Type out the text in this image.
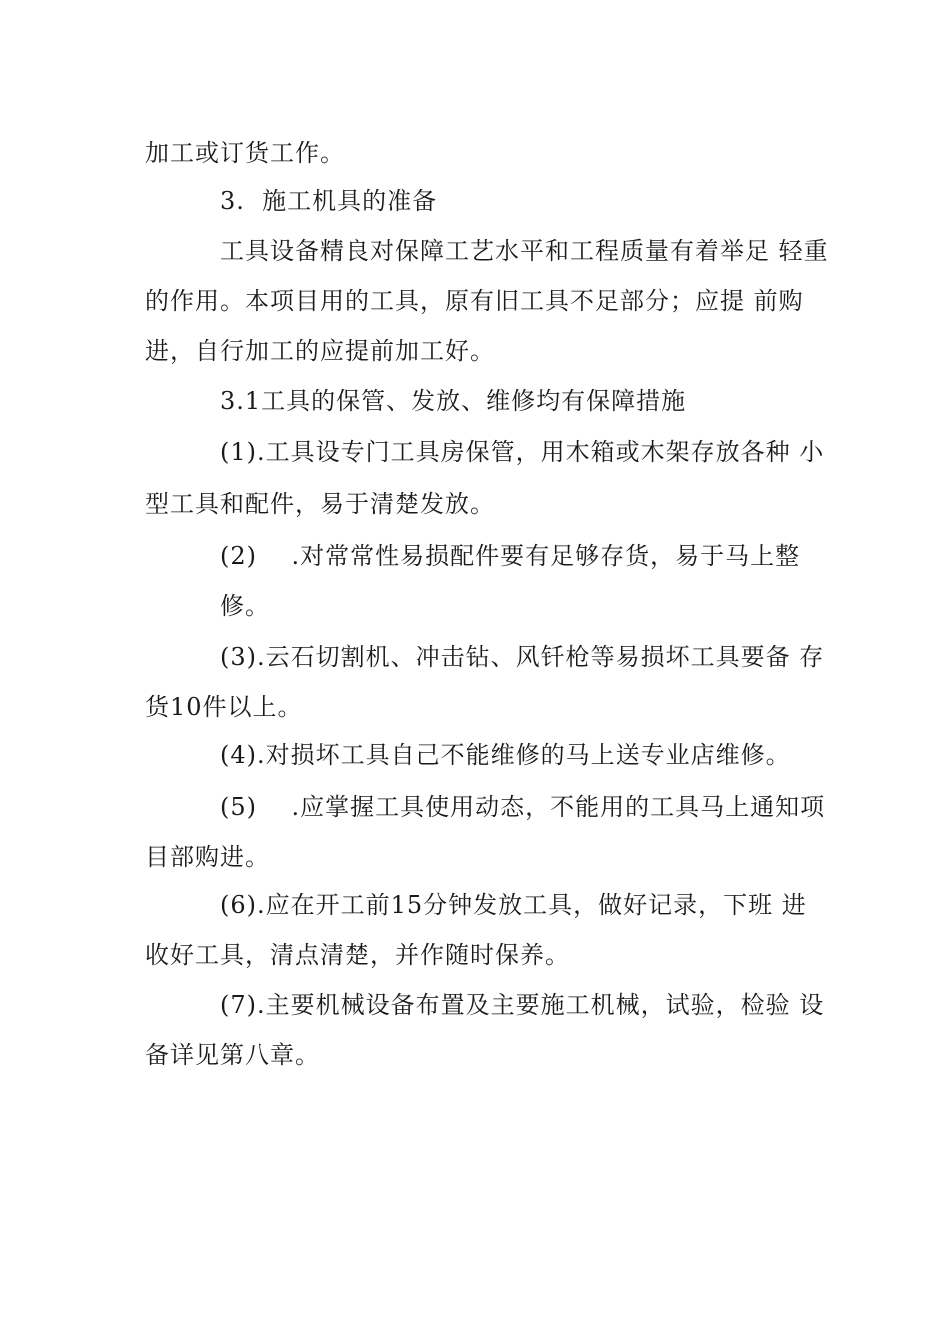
加工或订货工作。
3.  施工机具的准备
工具设备精良对保障工艺水平和工程质量有着举足 轻重
的作用。本项目用的工具，原有旧工具不足部分；应提 前购
进，自行加工的应提前加工好。
3.1工具的保管、发放、维修均有保障措施
(1).工具设专门工具房保管，用木箱或木架存放各种 小
型工具和配件，易于清楚发放。
(2)    .对常常性易损配件要有足够存货，易于马上整
修。
(3).云石切割机、冲击钻、风钎枪等易损坏工具要备 存
货10件以上。
(4).对损坏工具自己不能维修的马上送专业店维修。
(5)    .应掌握工具使用动态，不能用的工具马上通知项
目部购进。
(6).应在开工前15分钟发放工具，做好记录，下班 进
收好工具，清点清楚，并作随时保养。
(7).主要机械设备布置及主要施工机械，试验，检验 设
备详见第八章。
